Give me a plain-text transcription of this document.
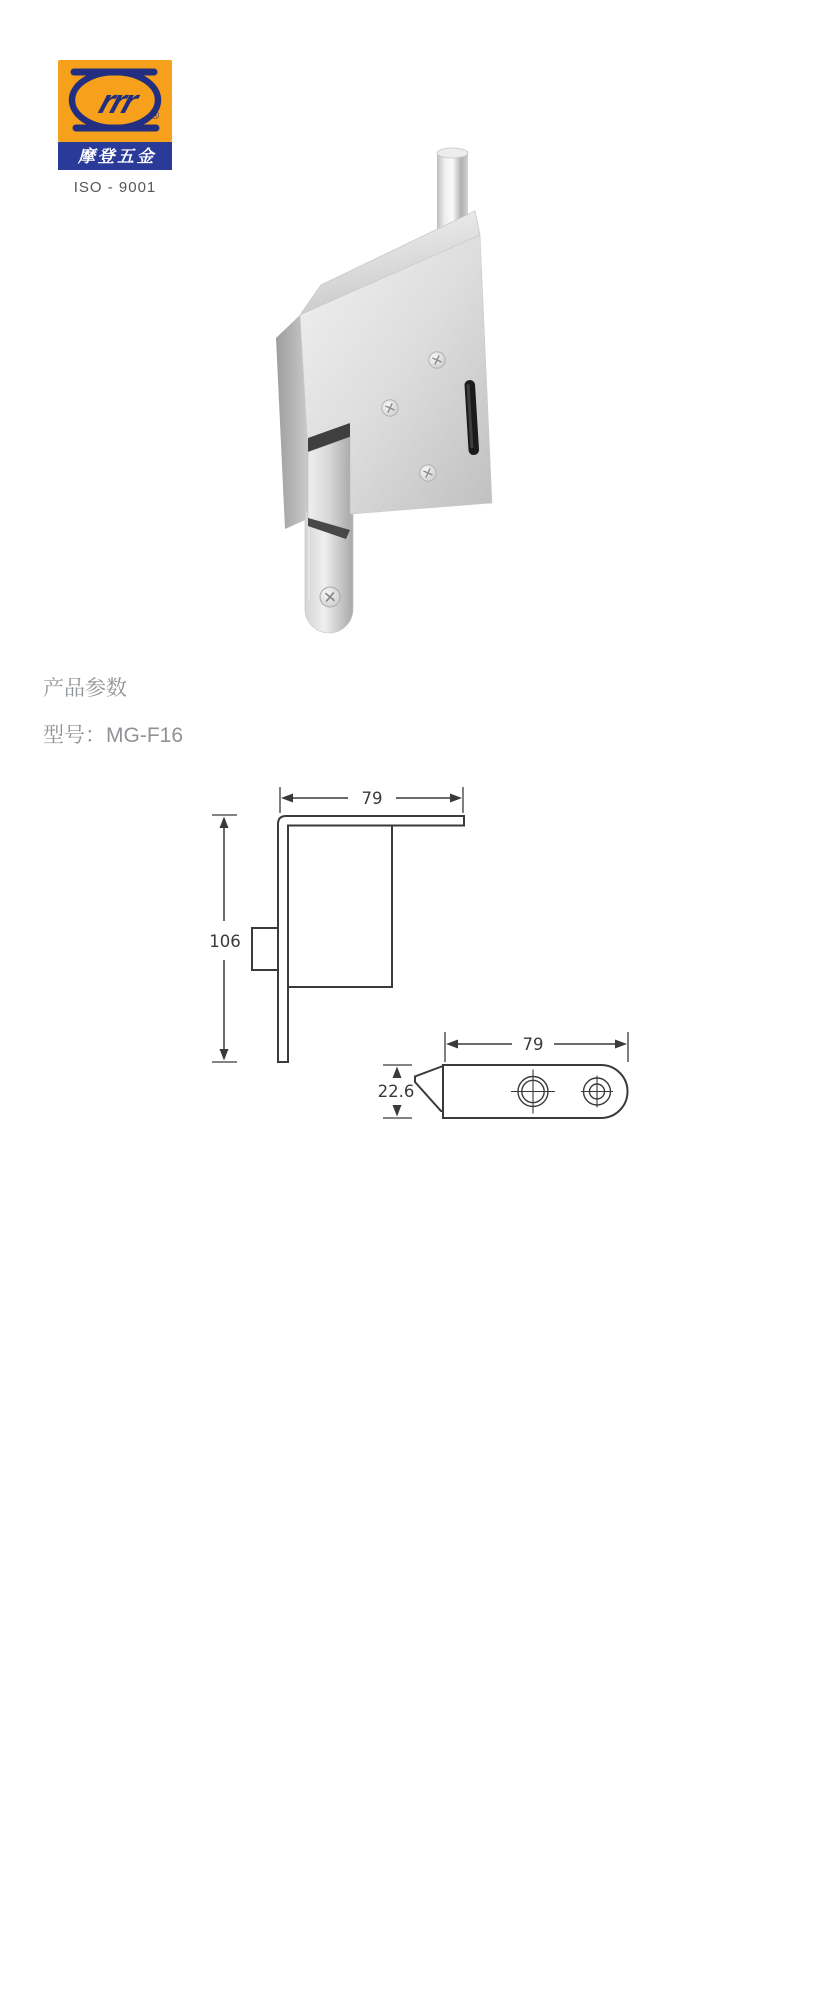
rrr ®
摩登五金
ISO - 9001
产品参数
型号：MG-F16
79
106
79
22.6
